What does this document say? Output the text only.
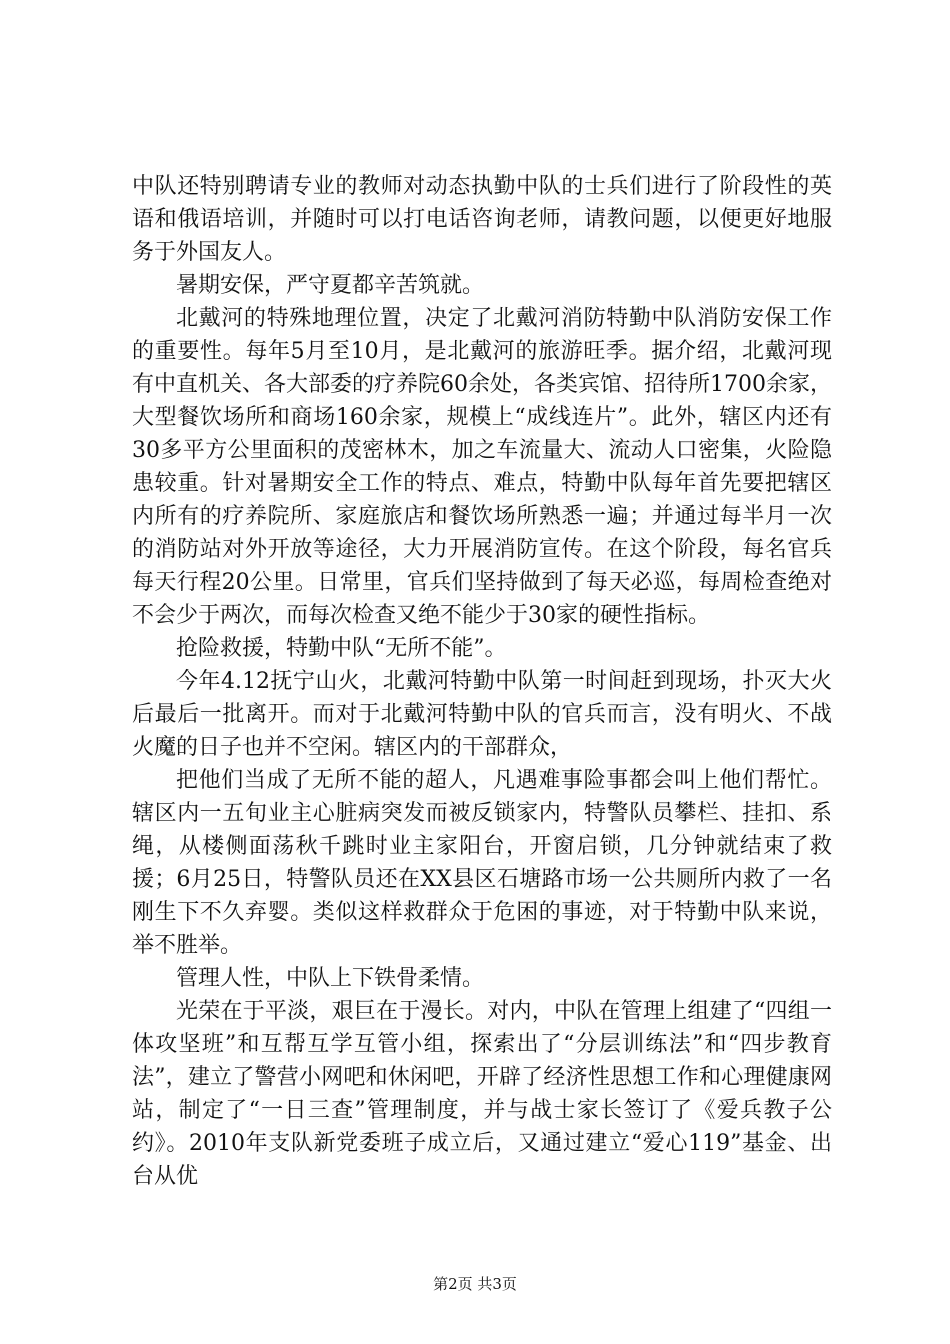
中队还特别聘请专业的教师对动态执勤中队的士兵们进行了阶段性的英语和俄语培训，并随时可以打电话咨询老师，请教问题，以便更好地服务于外国友人。

暑期安保，严守夏都辛苦筑就。

北戴河的特殊地理位置，决定了北戴河消防特勤中队消防安保工作的重要性。每年5月至10月，是北戴河的旅游旺季。据介绍，北戴河现有中直机关、各大部委的疗养院60余处，各类宾馆、招待所1700余家，大型餐饮场所和商场160余家，规模上“成线连片”。此外，辖区内还有30多平方公里面积的茂密林木，加之车流量大、流动人口密集，火险隐患较重。针对暑期安全工作的特点、难点，特勤中队每年首先要把辖区内所有的疗养院所、家庭旅店和餐饮场所熟悉一遍；并通过每半月一次的消防站对外开放等途径，大力开展消防宣传。在这个阶段，每名官兵每天行程20公里。日常里，官兵们坚持做到了每天必巡，每周检查绝对不会少于两次，而每次检查又绝不能少于30家的硬性指标。

抢险救援，特勤中队“无所不能”。

今年4.12抚宁山火，北戴河特勤中队第一时间赶到现场，扑灭大火后最后一批离开。而对于北戴河特勤中队的官兵而言，没有明火、不战火魔的日子也并不空闲。辖区内的干部群众，

把他们当成了无所不能的超人，凡遇难事险事都会叫上他们帮忙。辖区内一五旬业主心脏病突发而被反锁家内，特警队员攀栏、挂扣、系绳，从楼侧面荡秋千跳时业主家阳台，开窗启锁，几分钟就结束了救援；6月25日，特警队员还在XX县区石塘路市场一公共厕所内救了一名刚生下不久弃婴。类似这样救群众于危困的事迹，对于特勤中队来说，举不胜举。

管理人性，中队上下铁骨柔情。

光荣在于平淡，艰巨在于漫长。对内，中队在管理上组建了“四组一体攻坚班”和互帮互学互管小组，探索出了“分层训练法”和“四步教育法”，建立了警营小网吧和休闲吧，开辟了经济性思想工作和心理健康网站，制定了“一日三查”管理制度，并与战士家长签订了《爱兵教子公约》。2010年支队新党委班子成立后，又通过建立“爱心119”基金、出台从优

第2页 共3页
